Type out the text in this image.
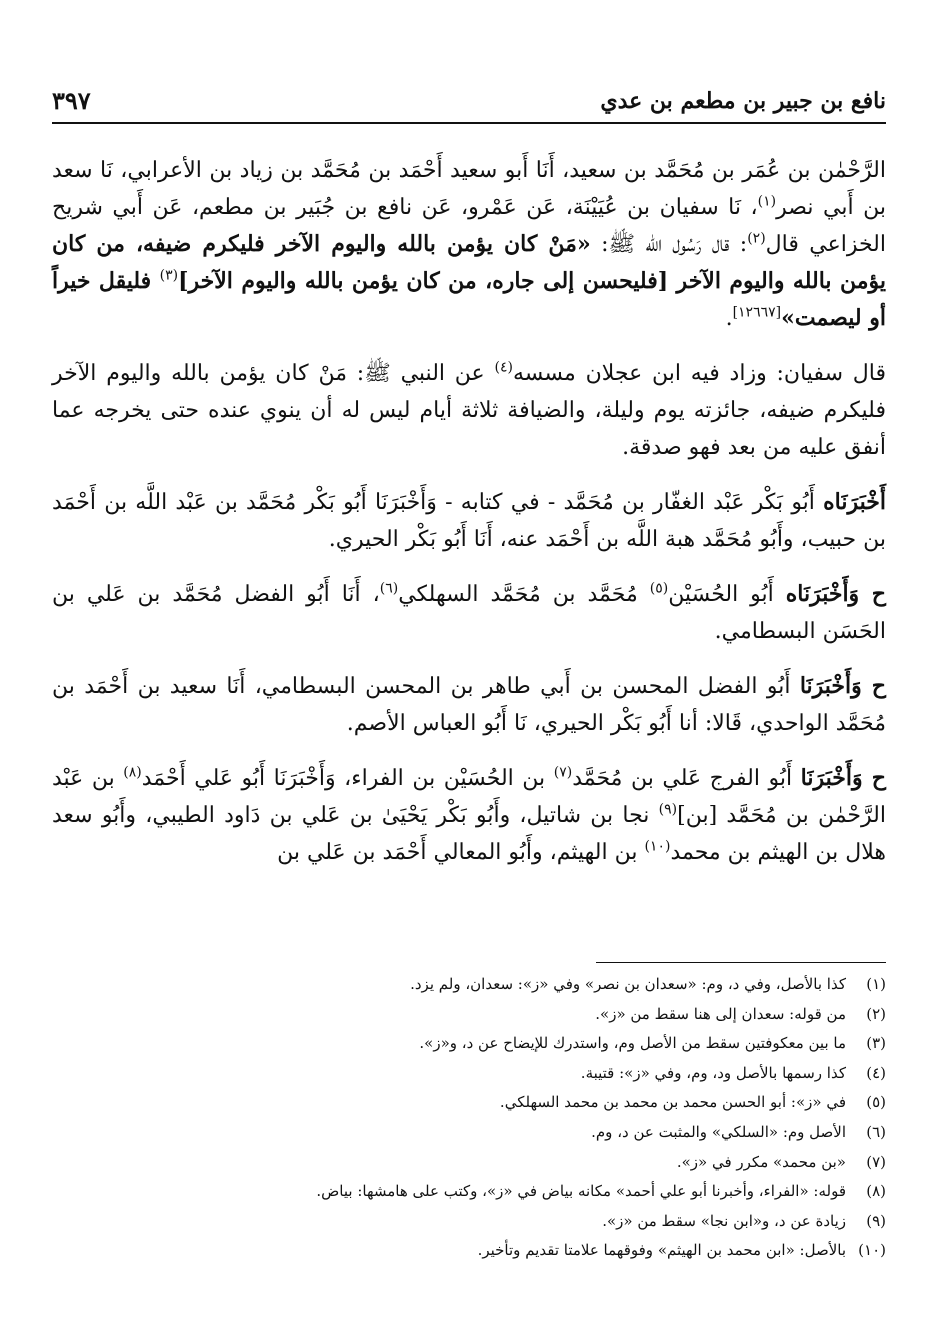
نافع بن جبير بن مطعم بن عدي
٣٩٧

الرَّحْمٰن بن عُمَر بن مُحَمَّد بن سعيد، أَنَا أَبو سعيد أَحْمَد بن مُحَمَّد بن زياد بن الأعرابي، نَا سعد بن أَبي نصر$^{(١)}$، نَا سفيان بن عُيَيْنَة، عَن عَمْرو، عَن نافع بن جُبَير بن مطعم، عَن أَبي شريح الخزاعي قال$^{(٢)}$: قال رَسُول الله ﷺ: «مَنْ كان يؤمن بالله واليوم الآخر فليكرم ضيفه، من كان يؤمن بالله واليوم الآخر [فليحسن إلى جاره، من كان يؤمن بالله واليوم الآخر]$^{(٣)}$ فليقل خيراً أو ليصمت»[١٢٦٦٧].

قال سفيان: وزاد فيه ابن عجلان مسسه$^{(٤)}$ عن النبي ﷺ: مَنْ كان يؤمن بالله واليوم الآخر فليكرم ضيفه، جائزته يوم وليلة، والضيافة ثلاثة أيام ليس له أن ينوي عنده حتى يخرجه عما أنفق عليه من بعد فهو صدقة.

أَخْبَرَنَاه أَبُو بَكْر عَبْد الغفّار بن مُحَمَّد - في كتابه - وَأَخْبَرَنَا أَبُو بَكْر مُحَمَّد بن عَبْد اللَّه بن أَحْمَد بن حبيب، وأَبُو مُحَمَّد هبة اللَّه بن أَحْمَد عنه، أَنَا أَبُو بَكْر الحيري.

ح وَأَخْبَرَنَاه أَبُو الحُسَيْن$^{(٥)}$ مُحَمَّد بن مُحَمَّد السهلكي$^{(٦)}$، أَنَا أَبُو الفضل مُحَمَّد بن عَلي بن الحَسَن البسطامي.

ح وَأَخْبَرَنَا أَبُو الفضل المحسن بن أَبي طاهر بن المحسن البسطامي، أَنَا سعيد بن أَحْمَد بن مُحَمَّد الواحدي، قَالا: أنا أَبُو بَكْر الحيري، نَا أَبُو العباس الأصم.

ح وَأَخْبَرَنَا أَبُو الفرج عَلي بن مُحَمَّد$^{(٧)}$ بن الحُسَيْن بن الفراء، وَأَخْبَرَنَا أَبُو عَلي أَحْمَد$^{(٨)}$ بن عَبْد الرَّحْمٰن بن مُحَمَّد [بن]$^{(٩)}$ نجا بن شاتيل، وأَبُو بَكْر يَحْيَىٰ بن عَلي بن دَاود الطيبي، وأَبُو سعد هلال بن الهيثم بن محمد$^{(١٠)}$ بن الهيثم، وأَبُو المعالي أَحْمَد بن عَلي بن

(١)
كذا بالأصل، وفي د، وم: «سعدان بن نصر» وفي «ز»: سعدان، ولم يزد.
(٢)
من قوله: سعدان إلى هنا سقط من «ز».
(٣)
ما بين معكوفتين سقط من الأصل وم، واستدرك للإيضاح عن د، و«ز».
(٤)
كذا رسمها بالأصل ود، وم، وفي «ز»: قتيبة.
(٥)
في «ز»: أبو الحسن محمد بن محمد بن محمد السهلكي.
(٦)
الأصل وم: «السلكي» والمثبت عن د، وم.
(٧)
«بن محمد» مكرر في «ز».
(٨)
قوله: «الفراء، وأخبرنا أبو علي أحمد» مكانه بياض في «ز»، وكتب على هامشها: بياض.
(٩)
زيادة عن د، و«ابن نجا» سقط من «ز».
(١٠)
بالأصل: «ابن محمد بن الهيثم» وفوقهما علامتا تقديم وتأخير.
